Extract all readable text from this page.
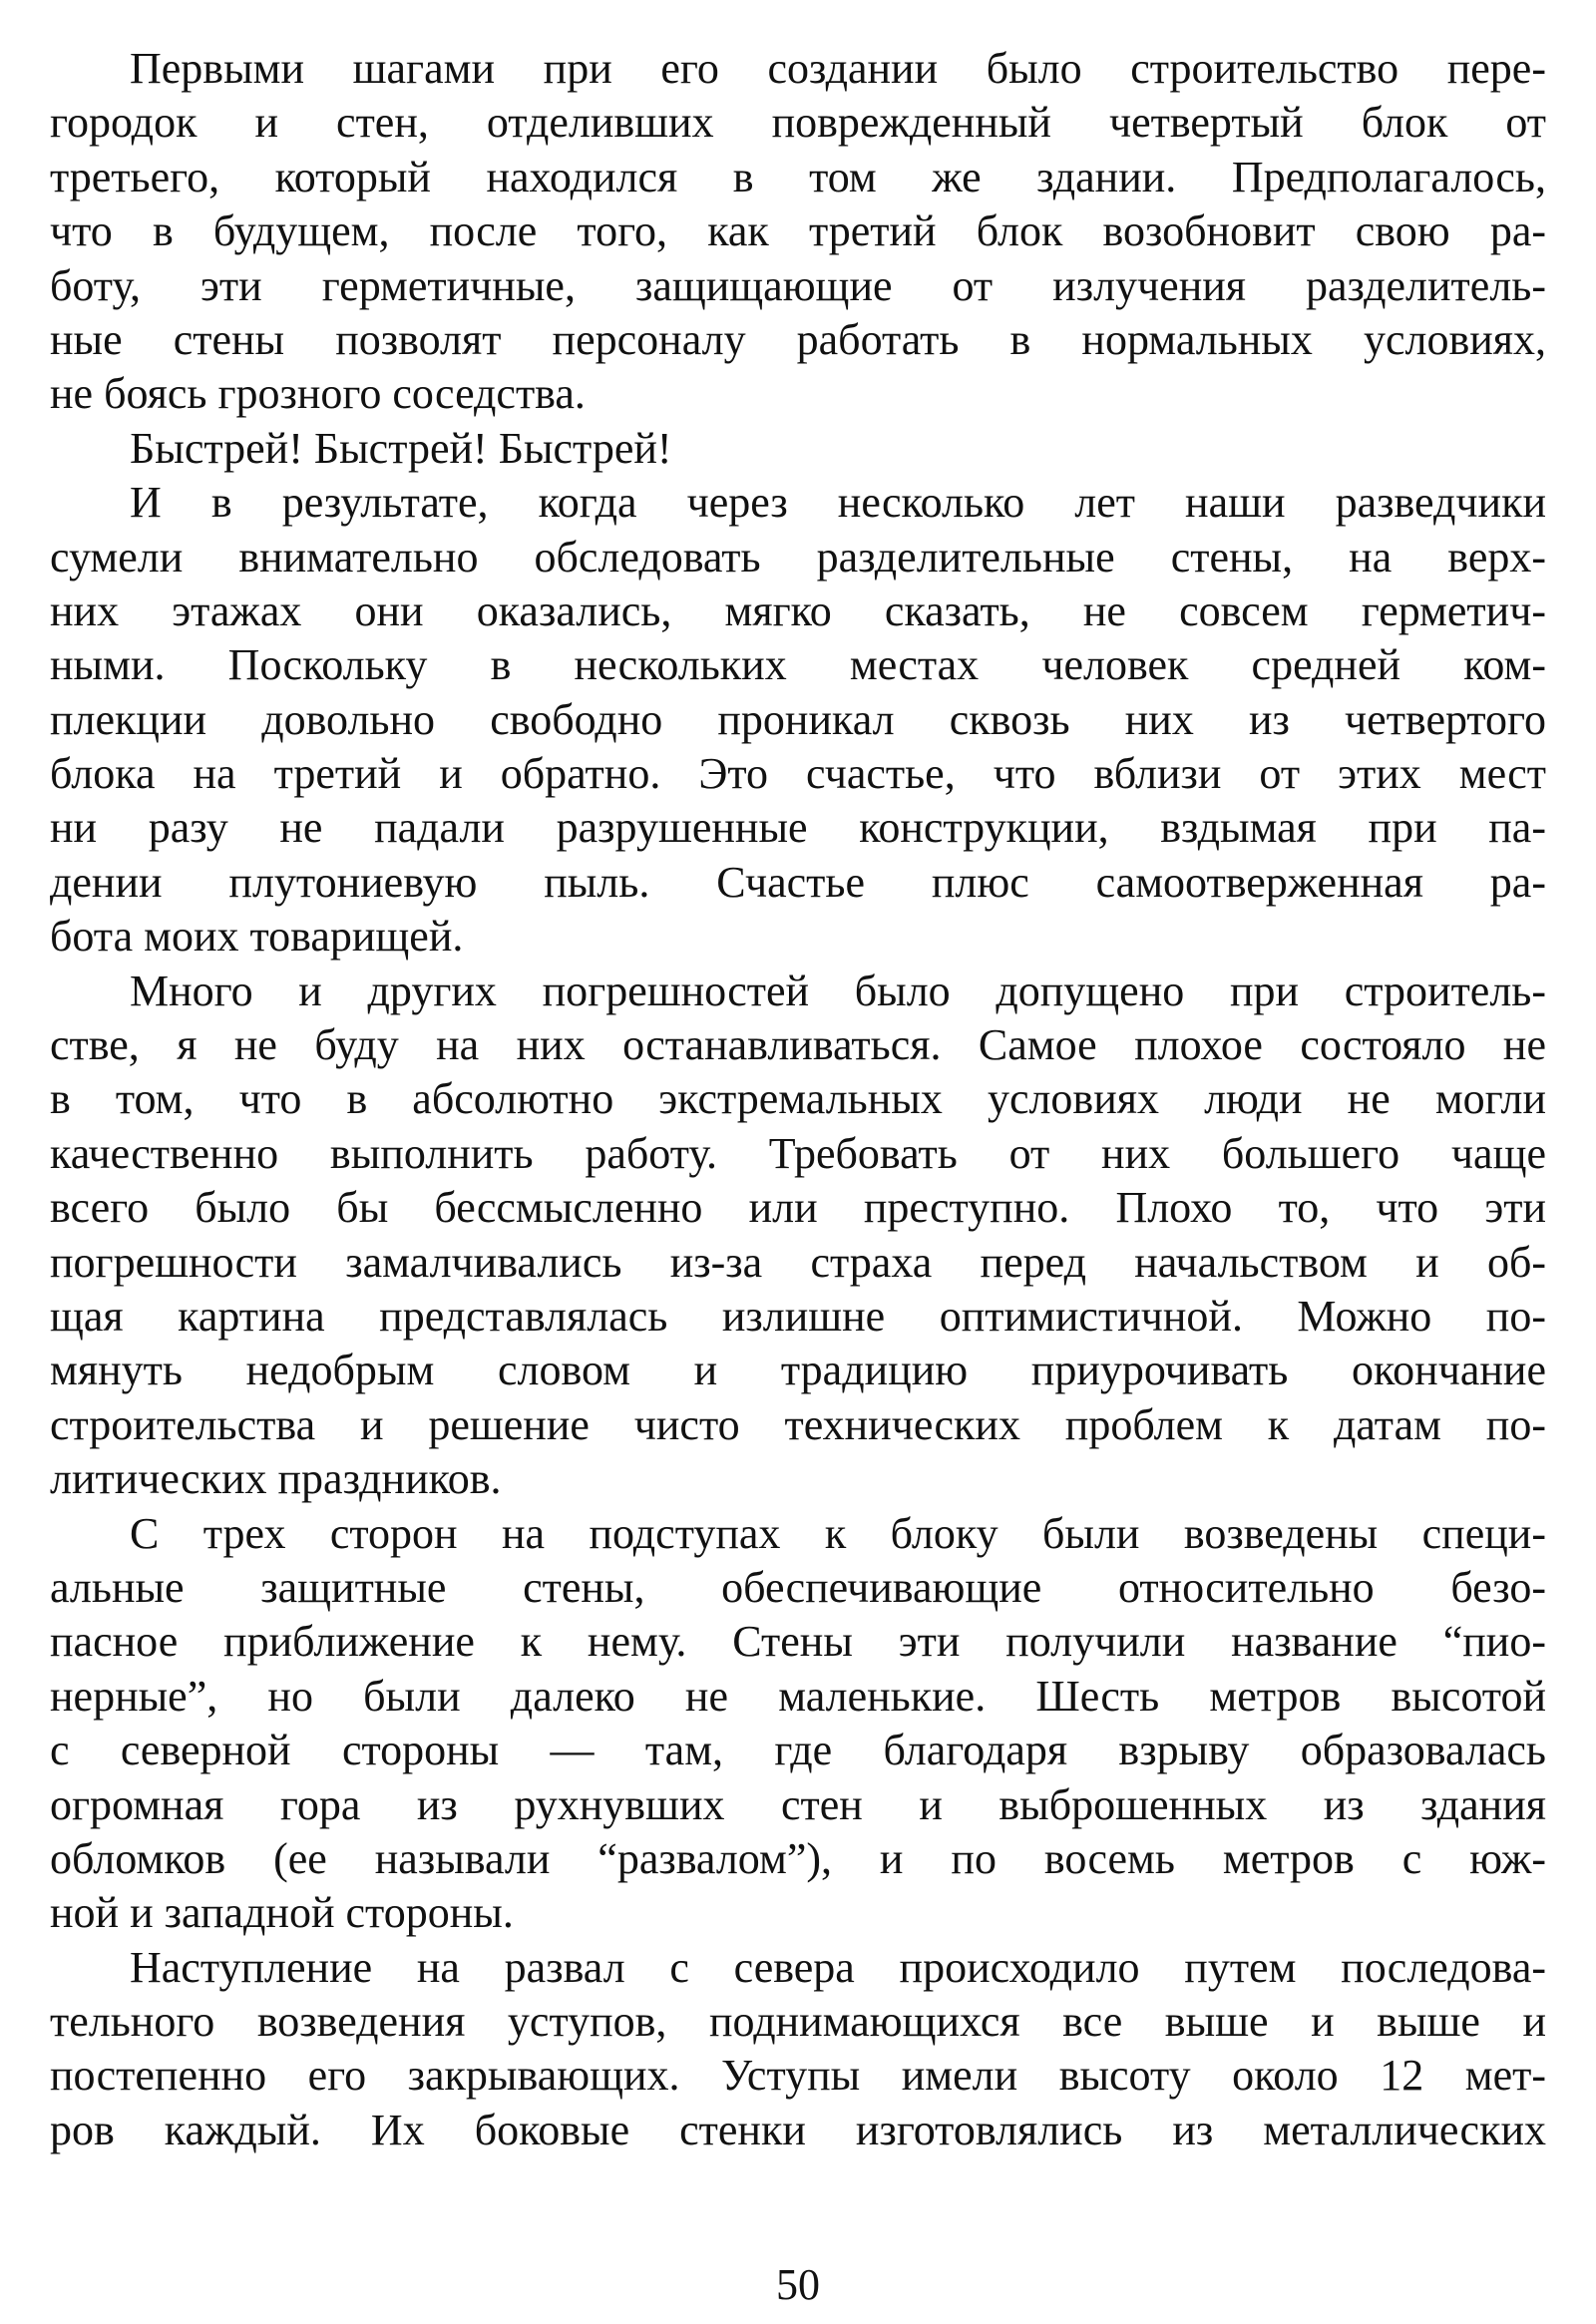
Первыми шагами при его создании было строительство пере-
городок и стен, отделивших поврежденный четвертый блок от
третьего, который находился в том же здании. Предполагалось,
что в будущем, после того, как третий блок возобновит свою ра-
боту, эти герметичные, защищающие от излучения разделитель-
ные стены позволят персоналу работать в нормальных условиях,
не боясь грозного соседства.
Быстрей! Быстрей! Быстрей!
И в результате, когда через несколько лет наши разведчики
сумели внимательно обследовать разделительные стены, на верх-
них этажах они оказались, мягко сказать, не совсем герметич-
ными. Поскольку в нескольких местах человек средней ком-
плекции довольно свободно проникал сквозь них из четвертого
блока на третий и обратно. Это счастье, что вблизи от этих мест
ни разу не падали разрушенные конструкции, вздымая при па-
дении плутониевую пыль. Счастье плюс самоотверженная ра-
бота моих товарищей.
Много и других погрешностей было допущено при строитель-
стве, я не буду на них останавливаться. Самое плохое состояло не
в том, что в абсолютно экстремальных условиях люди не могли
качественно выполнить работу. Требовать от них большего чаще
всего было бы бессмысленно или преступно. Плохо то, что эти
погрешности замалчивались из-за страха перед начальством и об-
щая картина представлялась излишне оптимистичной. Можно по-
мянуть недобрым словом и традицию приурочивать окончание
строительства и решение чисто технических проблем к датам по-
литических праздников.
С трех сторон на подступах к блоку были возведены специ-
альные защитные стены, обеспечивающие относительно безо-
пасное приближение к нему. Стены эти получили название “пио-
нерные”, но были далеко не маленькие. Шесть метров высотой
с северной стороны — там, где благодаря взрыву образовалась
огромная гора из рухнувших стен и выброшенных из здания
обломков (ее называли “развалом”), и по восемь метров с юж-
ной и западной стороны.
Наступление на развал с севера происходило путем последова-
тельного возведения уступов, поднимающихся все выше и выше и
постепенно его закрывающих. Уступы имели высоту около 12 мет-
ров каждый. Их боковые стенки изготовлялись из металлических
50
